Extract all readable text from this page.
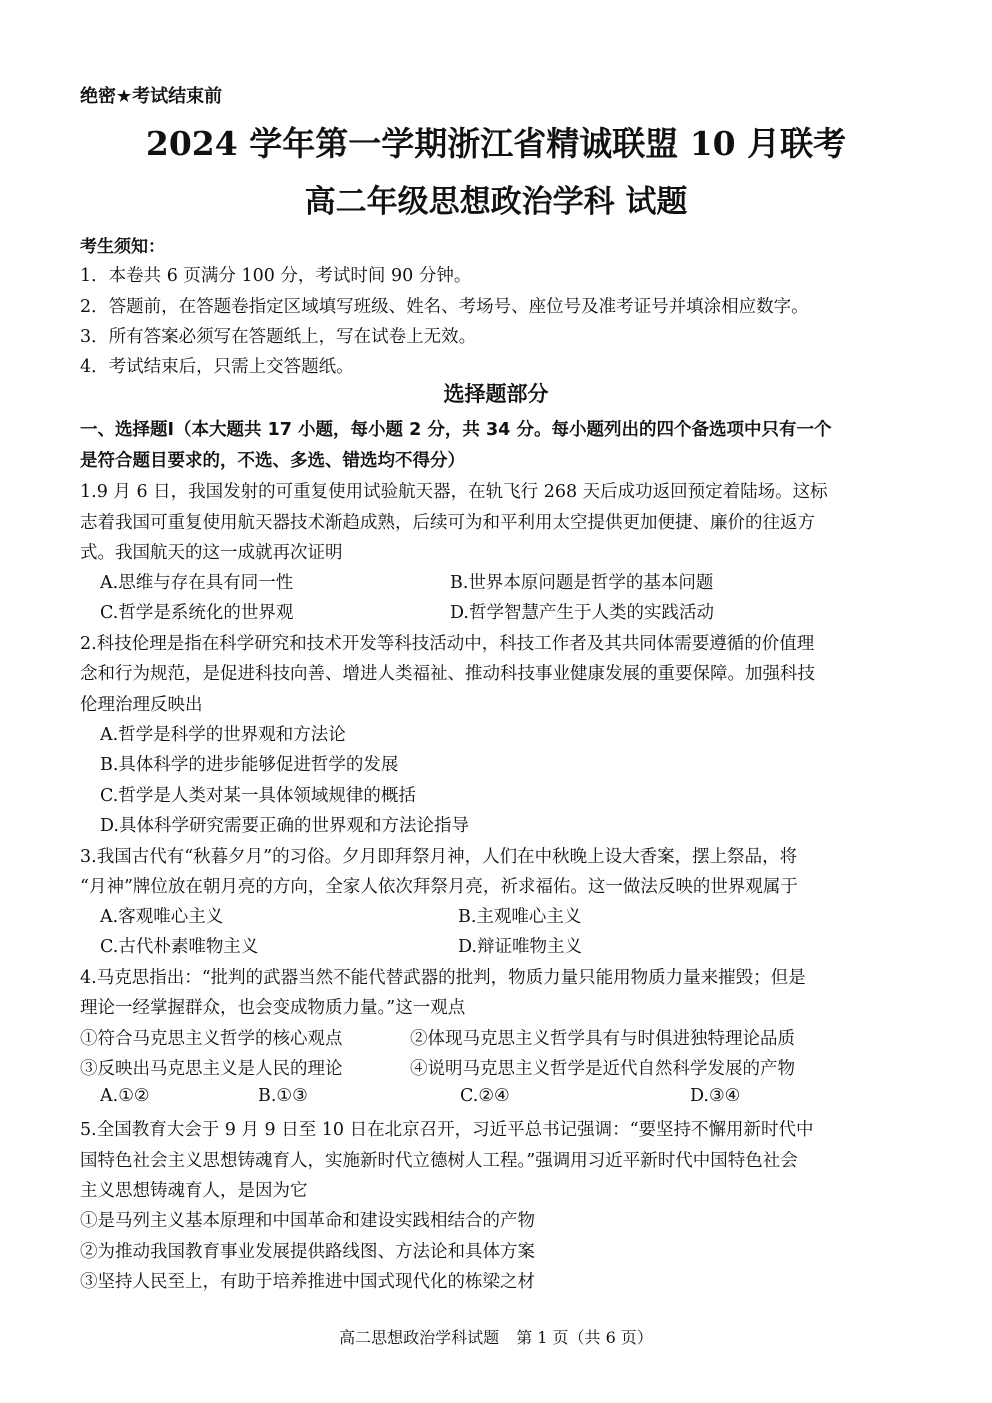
绝密★考试结束前
2024 学年第一学期浙江省精诚联盟 10 月联考
高二年级思想政治学科 试题
考生须知：
1．本卷共 6 页满分 100 分，考试时间 90 分钟。
2．答题前，在答题卷指定区域填写班级、姓名、考场号、座位号及准考证号并填涂相应数字。
3．所有答案必须写在答题纸上，写在试卷上无效。
4．考试结束后，只需上交答题纸。
选择题部分
一、选择题Ⅰ（本大题共 17 小题，每小题 2 分，共 34 分。每小题列出的四个备选项中只有一个
是符合题目要求的，不选、多选、错选均不得分）
1.9 月 6 日，我国发射的可重复使用试验航天器，在轨飞行 268 天后成功返回预定着陆场。这标
志着我国可重复使用航天器技术渐趋成熟，后续可为和平利用太空提供更加便捷、廉价的往返方
式。我国航天的这一成就再次证明
A.思维与存在具有同一性	B.世界本原问题是哲学的基本问题
C.哲学是系统化的世界观	D.哲学智慧产生于人类的实践活动
2.科技伦理是指在科学研究和技术开发等科技活动中，科技工作者及其共同体需要遵循的价值理
念和行为规范，是促进科技向善、增进人类福祉、推动科技事业健康发展的重要保障。加强科技
伦理治理反映出
A.哲学是科学的世界观和方法论
B.具体科学的进步能够促进哲学的发展
C.哲学是人类对某一具体领域规律的概括
D.具体科学研究需要正确的世界观和方法论指导
3.我国古代有“秋暮夕月”的习俗。夕月即拜祭月神，人们在中秋晚上设大香案，摆上祭品，将
“月神”牌位放在朝月亮的方向，全家人依次拜祭月亮，祈求福佑。这一做法反映的世界观属于
A.客观唯心主义	B.主观唯心主义
C.古代朴素唯物主义	D.辩证唯物主义
4.马克思指出：“批判的武器当然不能代替武器的批判，物质力量只能用物质力量来摧毁；但是
理论一经掌握群众，也会变成物质力量。”这一观点
①符合马克思主义哲学的核心观点	②体现马克思主义哲学具有与时俱进独特理论品质
③反映出马克思主义是人民的理论	④说明马克思主义哲学是近代自然科学发展的产物
A.①②	B.①③	C.②④	D.③④
5.全国教育大会于 9 月 9 日至 10 日在北京召开，习近平总书记强调：“要坚持不懈用新时代中
国特色社会主义思想铸魂育人，实施新时代立德树人工程。”强调用习近平新时代中国特色社会
主义思想铸魂育人，是因为它
①是马列主义基本原理和中国革命和建设实践相结合的产物
②为推动我国教育事业发展提供路线图、方法论和具体方案
③坚持人民至上，有助于培养推进中国式现代化的栋梁之材
高二思想政治学科试题 第 1 页（共 6 页）
